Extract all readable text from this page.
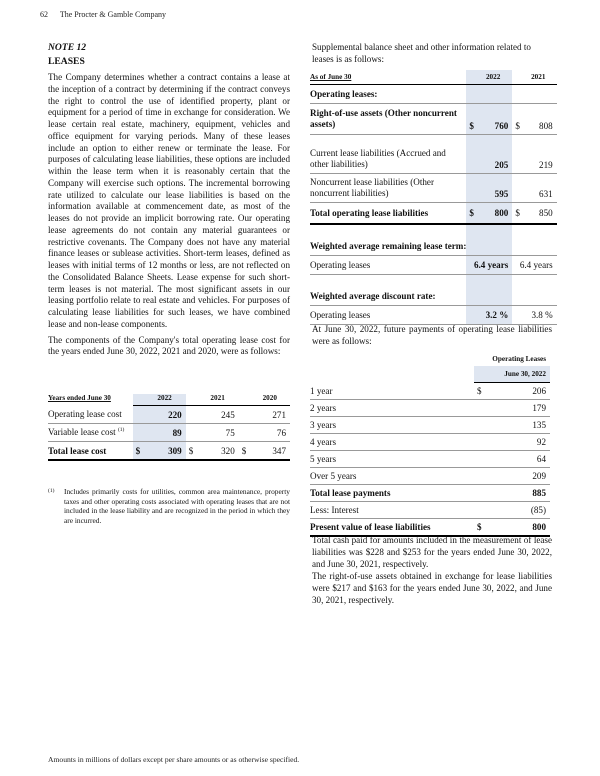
62 The Procter & Gamble Company
NOTE 12
LEASES

The Company determines whether a contract contains a lease at the inception of a contract by determining if the contract conveys the right to control the use of identified property, plant or equipment for a period of time in exchange for consideration. We lease certain real estate, machinery, equipment, vehicles and office equipment for varying periods. Many of these leases include an option to either renew or terminate the lease. For purposes of calculating lease liabilities, these options are included within the lease term when it is reasonably certain that the Company will exercise such options. The incremental borrowing rate utilized to calculate our lease liabilities is based on the information available at commencement date, as most of the leases do not provide an implicit borrowing rate. Our operating lease agreements do not contain any material guarantees or restrictive covenants. The Company does not have any material finance leases or sublease activities. Short-term leases, defined as leases with initial terms of 12 months or less, are not reflected on the Consolidated Balance Sheets. Lease expense for such short-term leases is not material. The most significant assets in our leasing portfolio relate to real estate and vehicles. For purposes of calculating lease liabilities for such leases, we have combined lease and non-lease components.

The components of the Company's total operating lease cost for the years ended June 30, 2022, 2021 and 2020, were as follows:

Years ended June 30		2022		2021		2020
Operating lease cost		220		245		271
Variable lease cost $^{(1)}$		89		75		76
Total lease cost	$	309	$	320	$	347
(1) Includes primarily costs for utilities, common area maintenance, property taxes and other operating costs associated with operating leases that are not included in the lease liability and are recognized in the period in which they are incurred.

Supplemental balance sheet and other information related to leases is as follows:

As of June 30		2022		2021
Operating leases:				
Right-of-use assets (Other noncurrent assets)	$	760	$	808

Current lease liabilities (Accrued and other liabilities)		205		219
Noncurrent lease liabilities (Other noncurrent liabilities)		595		631
Total operating lease liabilities	$	800	$	850

Weighted average remaining lease term:				
Operating leases		6.4 years		6.4 years

Weighted average discount rate:				
Operating leases		3.2 %		3.8 %

At June 30, 2022, future payments of operating lease liabilities were as follows:

	Operating Leases	
	June 30, 2022	
1 year	$	206
2 years		179
3 years		135
4 years		92
5 years		64
Over 5 years		209
Total lease payments		885
Less: Interest		(85)
Present value of lease liabilities	$	800

Total cash paid for amounts included in the measurement of lease liabilities was $228 and $253 for the years ended June 30, 2022, and June 30, 2021, respectively.

The right-of-use assets obtained in exchange for lease liabilities were $217 and $163 for the years ended June 30, 2022, and June 30, 2021, respectively.

Amounts in millions of dollars except per share amounts or as otherwise specified.
